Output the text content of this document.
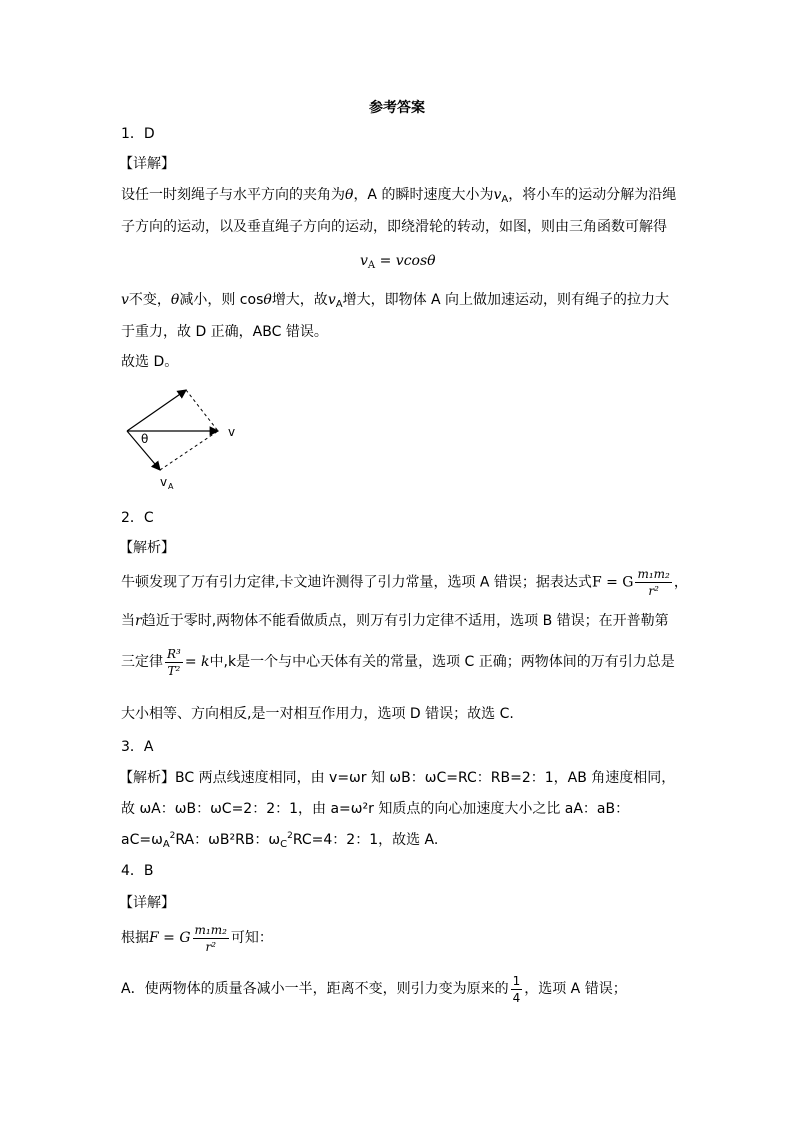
参考答案
1．D
【详解】
设任一时刻绳子与水平方向的夹角为θ，A 的瞬时速度大小为$v_A$，将小车的运动分解为沿绳
子方向的运动，以及垂直绳子方向的运动，即绕滑轮的转动，如图，则由三角函数可解得
$v_A = vcos\theta$
v不变，θ减小，则 cosθ增大，故$v_A$增大，即物体 A 向上做加速运动，则有绳子的拉力大
于重力，故 D 正确，ABC 错误。
故选 D。
θ	v
v A
2．C
【解析】
牛顿发现了万有引力定律,卡文迪许测得了引力常量，选项 A 错误；据表达式F = G $\frac{\text{m₁m₂}}{\text{r²}}$ ，
当r趋近于零时,两物体不能看做质点，则万有引力定律不适用，选项 B 错误；在开普勒第
三定律 $\frac{\text{R³}}{\text{T²}} = k$中,k是一个与中心天体有关的常量，选项 C 正确；两物体间的万有引力总是
大小相等、方向相反,是一对相互作用力，选项 D 错误；故选 C.
3．A
【解析】BC 两点线速度相同，由 v=ωr 知 ωB：ωC=RC：RB=2：1，AB 角速度相同，
故 ωA：ωB：ωC=2：2：1，由 a=ω²r 知质点的向心加速度大小之比 aA：aB：
$aC=\omega_A^2RA$：ωB²RB：$\omega_C^2RC=4$：2：1，故选 A.
4．B
【详解】
根据F = G $\frac{\text{m₁m₂}}{\text{r²}}$ 可知：
A．使两物体的质量各减小一半，距离不变，则引力变为原来的 $\frac{1}{4}$ ，选项 A 错误；
